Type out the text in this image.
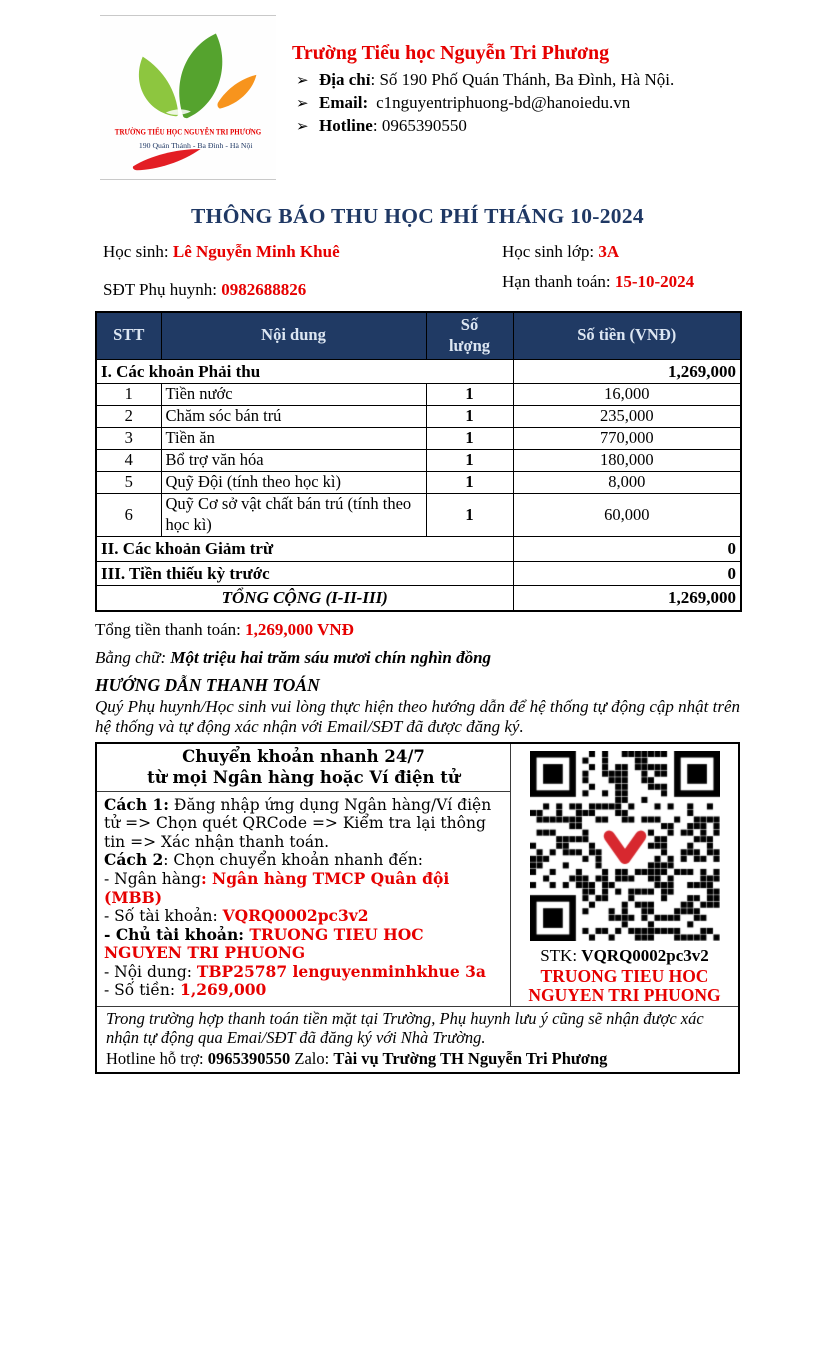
TRƯỜNG TIỂU HỌC NGUYỄN TRI PHƯƠNG
190 Quán Thánh - Ba Đình - Hà Nội
Trường Tiểu học Nguyễn Tri Phương
➢ Địa chỉ: Số 190 Phố Quán Thánh, Ba Đình, Hà Nội.
➢ Email: c1nguyentriphuong-bd@hanoiedu.vn
➢ Hotline: 0965390550
THÔNG BÁO THU HỌC PHÍ THÁNG 10-2024
Học sinh: Lê Nguyễn Minh Khuê
SĐT Phụ huynh: 0982688826
Học sinh lớp: 3A
Hạn thanh toán: 15-10-2024
STT	Nội dung	Số lượng	Số tiền (VNĐ)
I. Các khoản Phải thu			1,269,000
1	Tiền nước	1	16,000
2	Chăm sóc bán trú	1	235,000
3	Tiền ăn	1	770,000
4	Bổ trợ văn hóa	1	180,000
5	Quỹ Đội (tính theo học kì)	1	8,000
6	Quỹ Cơ sở vật chất bán trú (tính theo học kì)	1	60,000
II. Các khoản Giảm trừ			0
III. Tiền thiếu kỳ trước			0
TỔNG CỘNG (I-II-III)			1,269,000
Tổng tiền thanh toán: 1,269,000 VNĐ
Bằng chữ: Một triệu hai trăm sáu mươi chín nghìn đồng
HƯỚNG DẪN THANH TOÁN
Quý Phụ huynh/Học sinh vui lòng thực hiện theo hướng dẫn để hệ thống tự động cập nhật trên hệ thống và tự động xác nhận với Email/SĐT đã được đăng ký.
Chuyển khoản nhanh 24/7
từ mọi Ngân hàng hoặc Ví điện tử
Cách 1: Đăng nhập ứng dụng Ngân hàng/Ví điện tử => Chọn quét QRCode => Kiểm tra lại thông tin => Xác nhận thanh toán.
Cách 2: Chọn chuyển khoản nhanh đến:
- Ngân hàng: Ngân hàng TMCP Quân đội (MBB)
- Số tài khoản: VQRQ0002pc3v2
- Chủ tài khoản: TRUONG TIEU HOC NGUYEN TRI PHUONG
- Nội dung: TBP25787 lenguyenminhkhue 3a
- Số tiền: 1,269,000
STK: VQRQ0002pc3v2
TRUONG TIEU HOC NGUYEN TRI PHUONG
Trong trường hợp thanh toán tiền mặt tại Trường, Phụ huynh lưu ý cũng sẽ nhận được xác nhận tự động qua Emai/SĐT đã đăng ký với Nhà Trường.
Hotline hỗ trợ: 0965390550 Zalo: Tài vụ Trường TH Nguyễn Tri Phương
